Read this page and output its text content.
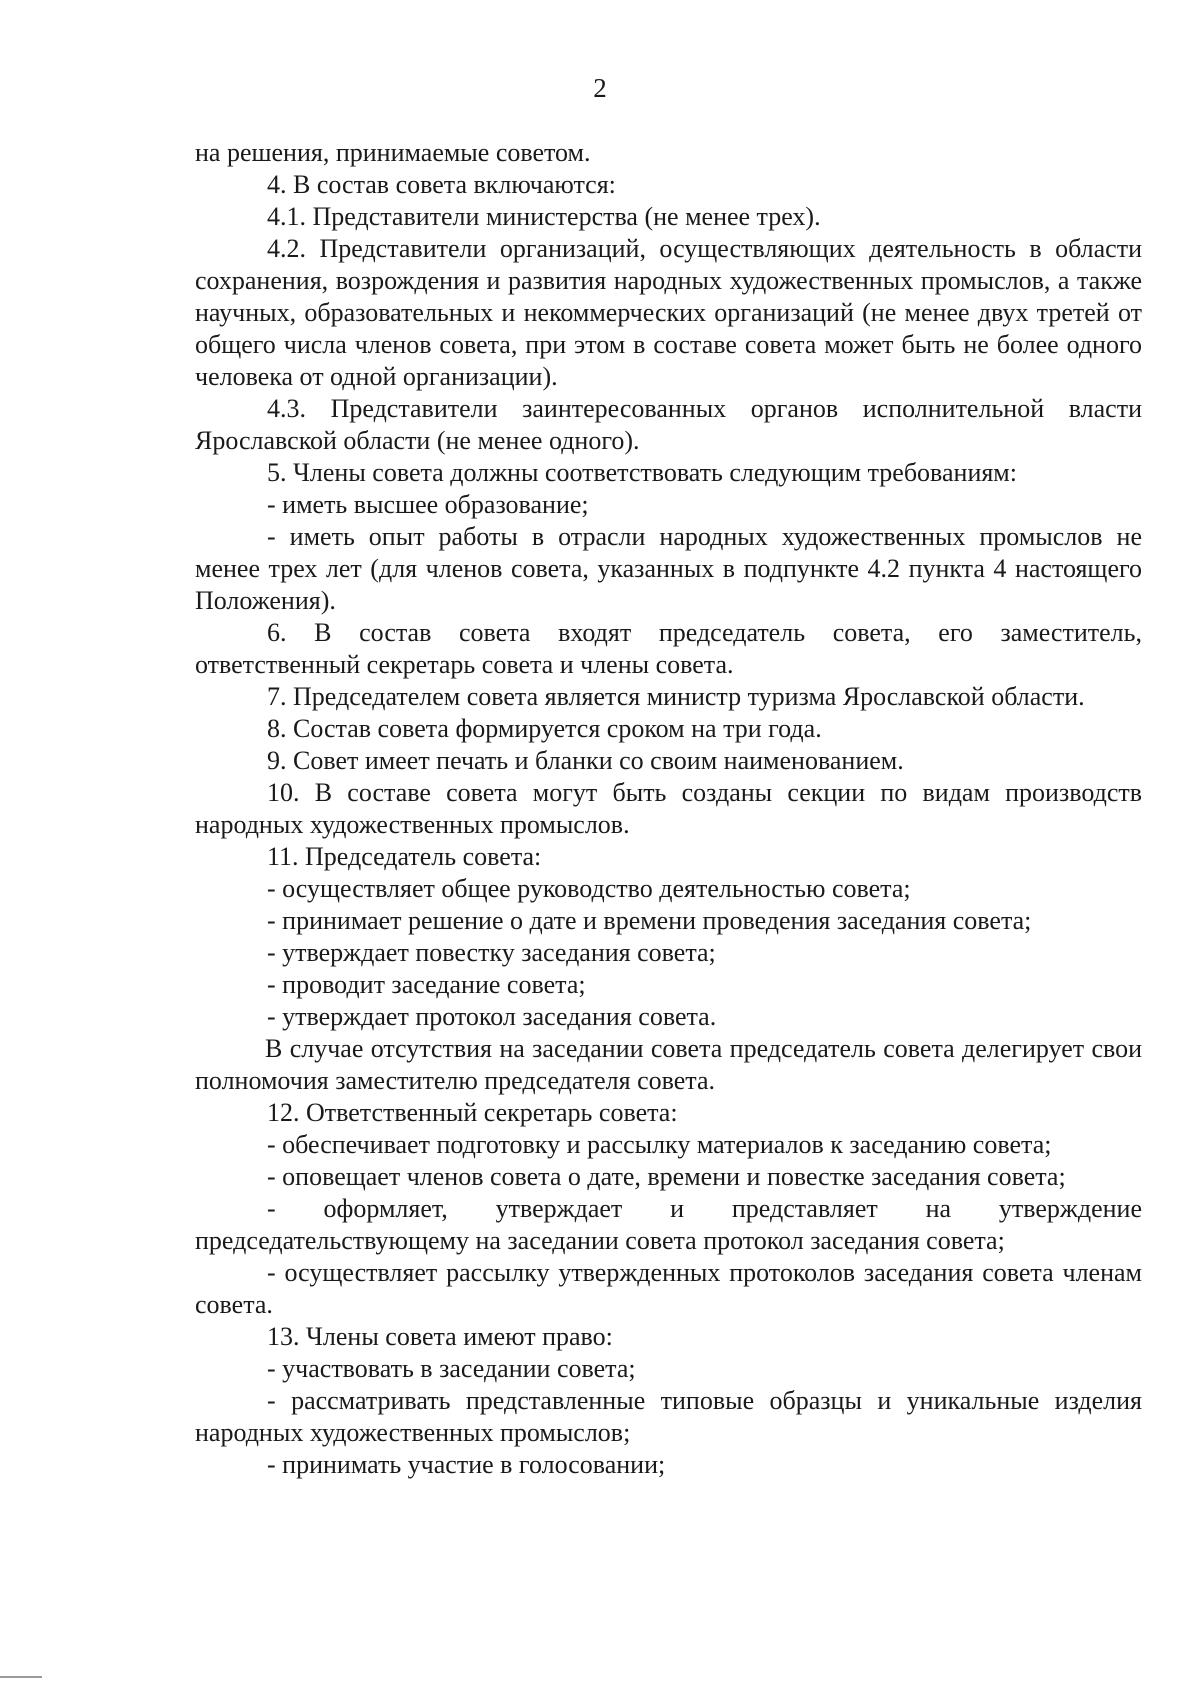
2

на решения, принимаемые советом.

4. В состав совета включаются:

4.1. Представители министерства (не менее трех).

4.2. Представители организаций, осуществляющих деятельность в области сохранения, возрождения и развития народных художественных промыслов, а также научных, образовательных и некоммерческих организаций (не менее двух третей от общего числа членов совета, при этом в составе совета может быть не более одного человека от одной организации).

4.3. Представители заинтересованных органов исполнительной власти Ярославской области (не менее одного).

5. Члены совета должны соответствовать следующим требованиям:

- иметь высшее образование;

- иметь опыт работы в отрасли народных художественных промыслов не менее трех лет (для членов совета, указанных в подпункте 4.2 пункта 4 настоящего Положения).

6. В состав совета входят председатель совета, его заместитель, ответственный секретарь совета и члены совета.

7. Председателем совета является министр туризма Ярославской области.

8. Состав совета формируется сроком на три года.

9. Совет имеет печать и бланки со своим наименованием.

10. В составе совета могут быть созданы секции по видам производств народных художественных промыслов.

11. Председатель совета:

- осуществляет общее руководство деятельностью совета;

- принимает решение о дате и времени проведения заседания совета;

- утверждает повестку заседания совета;

- проводит заседание совета;

- утверждает протокол заседания совета.

В случае отсутствия на заседании совета председатель совета делегирует свои полномочия заместителю председателя совета.

12. Ответственный секретарь совета:

- обеспечивает подготовку и рассылку материалов к заседанию совета;

- оповещает членов совета о дате, времени и повестке заседания совета;

- оформляет, утверждает и представляет на утверждение председательствующему на заседании совета протокол заседания совета;

- осуществляет рассылку утвержденных протоколов заседания совета членам совета.

13. Члены совета имеют право:

- участвовать в заседании совета;

- рассматривать представленные типовые образцы и уникальные изделия народных художественных промыслов;

- принимать участие в голосовании;
